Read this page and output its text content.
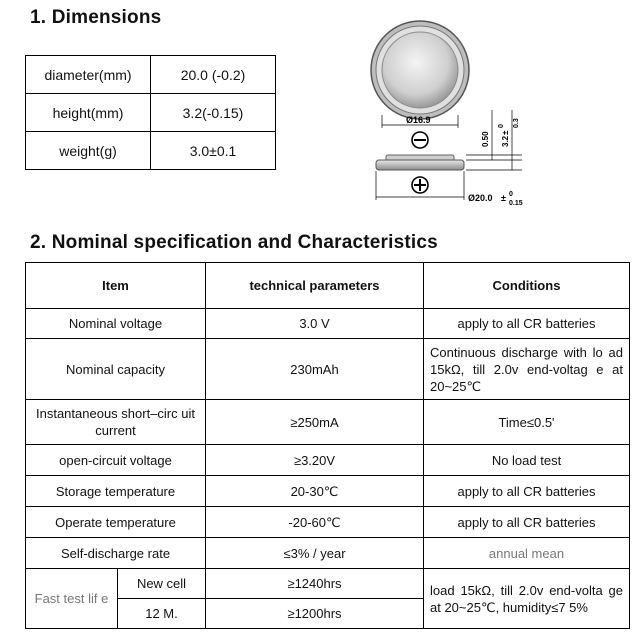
1. Dimensions
diameter(mm)	20.0 (-0.2)
height(mm)	3.2(-0.15)
weight(g)	3.0±0.1
Ø16.9
Ø20.0 ± 0
0.15
0.50 3.2
±
0 0.3
2. Nominal specification and Characteristics
Item		technical parameters	Conditions
Nominal voltage		3.0 V	apply to all CR batteries
Nominal capacity		230mAh	Continuous discharge with lo ad 15kΩ, till 2.0v end-voltag e at 20~25℃
Instantaneous short–circ uit current		≥250mA	Time≤0.5'
open-circuit voltage		≥3.20V	No load test
Storage temperature		20-30℃	apply to all CR batteries
Operate temperature		-20-60℃	apply to all CR batteries
Self-discharge rate		≤3% / year	annual mean
Fast test lif e	New cell	≥1240hrs	load 15kΩ, till 2.0v end-volta ge at 20~25℃, humidity≤7 5%
	12 M.	≥1200hrs	
